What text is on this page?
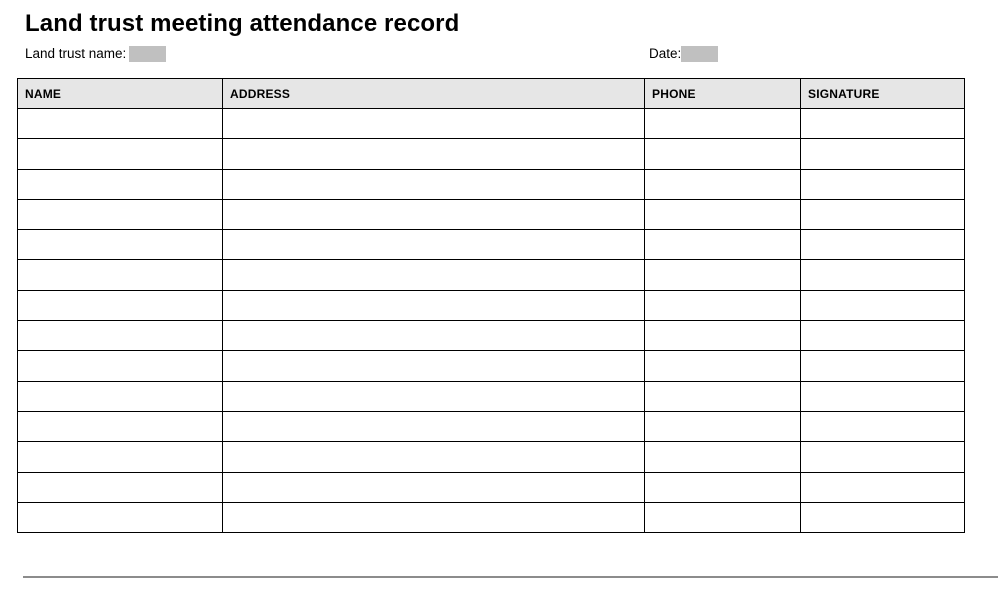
Land trust meeting attendance record
Land trust name:	Date:
NAME	ADDRESS	PHONE	SIGNATURE
